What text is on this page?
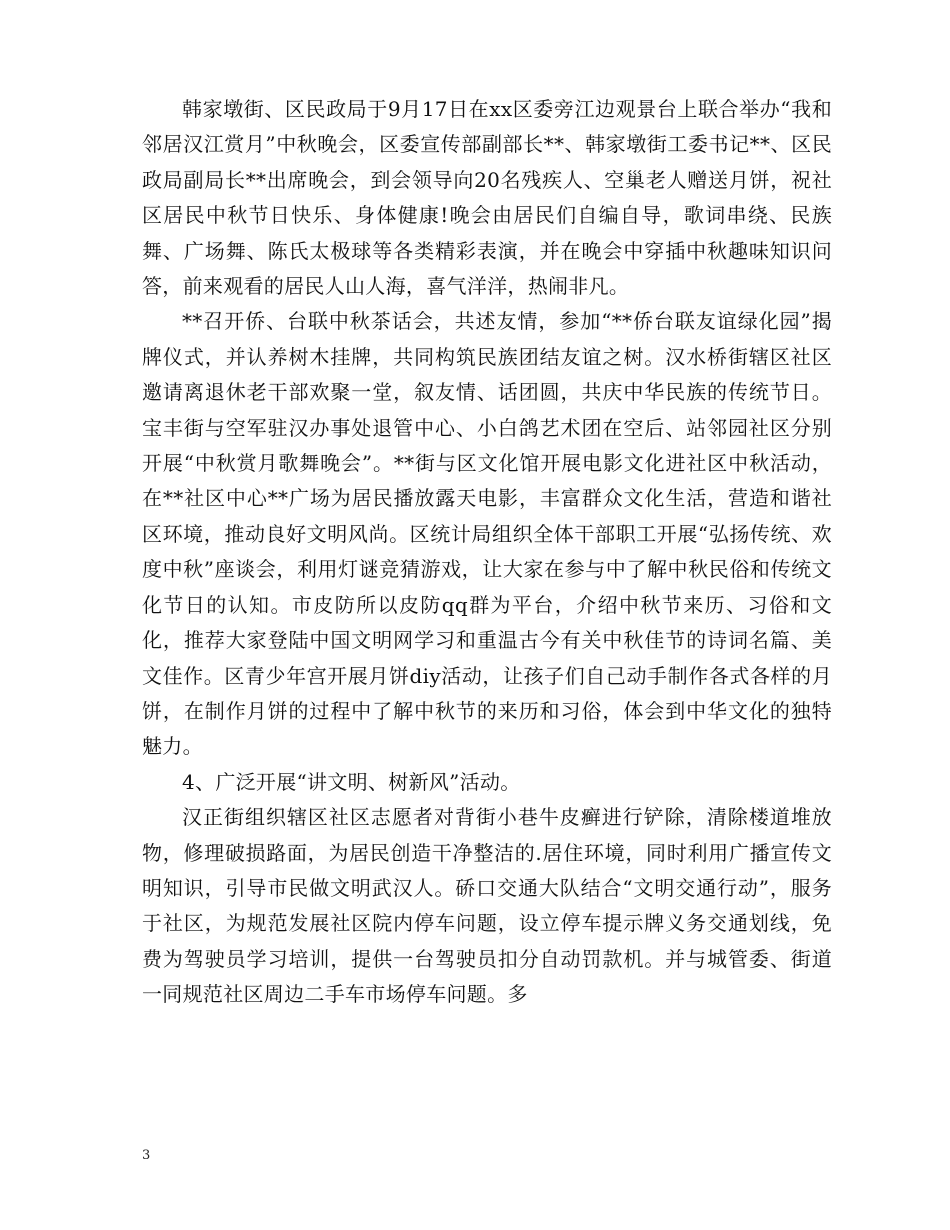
韩家墩街、区民政局于9月17日在xx区委旁江边观景台上联合举办“我和邻居汉江赏月”中秋晚会，区委宣传部副部长**、韩家墩街工委书记**、区民政局副局长**出席晚会，到会领导向20名残疾人、空巢老人赠送月饼，祝社区居民中秋节日快乐、身体健康!晚会由居民们自编自导，歌词串绕、民族舞、广场舞、陈氏太极球等各类精彩表演，并在晚会中穿插中秋趣味知识问答，前来观看的居民人山人海，喜气洋洋，热闹非凡。

**召开侨、台联中秋茶话会，共述友情，参加“**侨台联友谊绿化园”揭牌仪式，并认养树木挂牌，共同构筑民族团结友谊之树。汉水桥街辖区社区邀请离退休老干部欢聚一堂，叙友情、话团圆，共庆中华民族的传统节日。宝丰街与空军驻汉办事处退管中心、小白鸽艺术团在空后、站邻园社区分别开展“中秋赏月歌舞晚会”。**街与区文化馆开展电影文化进社区中秋活动，在**社区中心**广场为居民播放露天电影，丰富群众文化生活，营造和谐社区环境，推动良好文明风尚。区统计局组织全体干部职工开展“弘扬传统、欢度中秋”座谈会，利用灯谜竞猜游戏，让大家在参与中了解中秋民俗和传统文化节日的认知。市皮防所以皮防qq群为平台，介绍中秋节来历、习俗和文化，推荐大家登陆中国文明网学习和重温古今有关中秋佳节的诗词名篇、美文佳作。区青少年宫开展月饼diy活动，让孩子们自己动手制作各式各样的月饼，在制作月饼的过程中了解中秋节的来历和习俗，体会到中华文化的独特魅力。

4、广泛开展“讲文明、树新风”活动。

汉正街组织辖区社区志愿者对背街小巷牛皮癣进行铲除，清除楼道堆放物，修理破损路面，为居民创造干净整洁的.居住环境，同时利用广播宣传文明知识，引导市民做文明武汉人。硚口交通大队结合“文明交通行动”，服务于社区，为规范发展社区院内停车问题，设立停车提示牌义务交通划线，免费为驾驶员学习培训，提供一台驾驶员扣分自动罚款机。并与城管委、街道一同规范社区周边二手车市场停车问题。多

3
